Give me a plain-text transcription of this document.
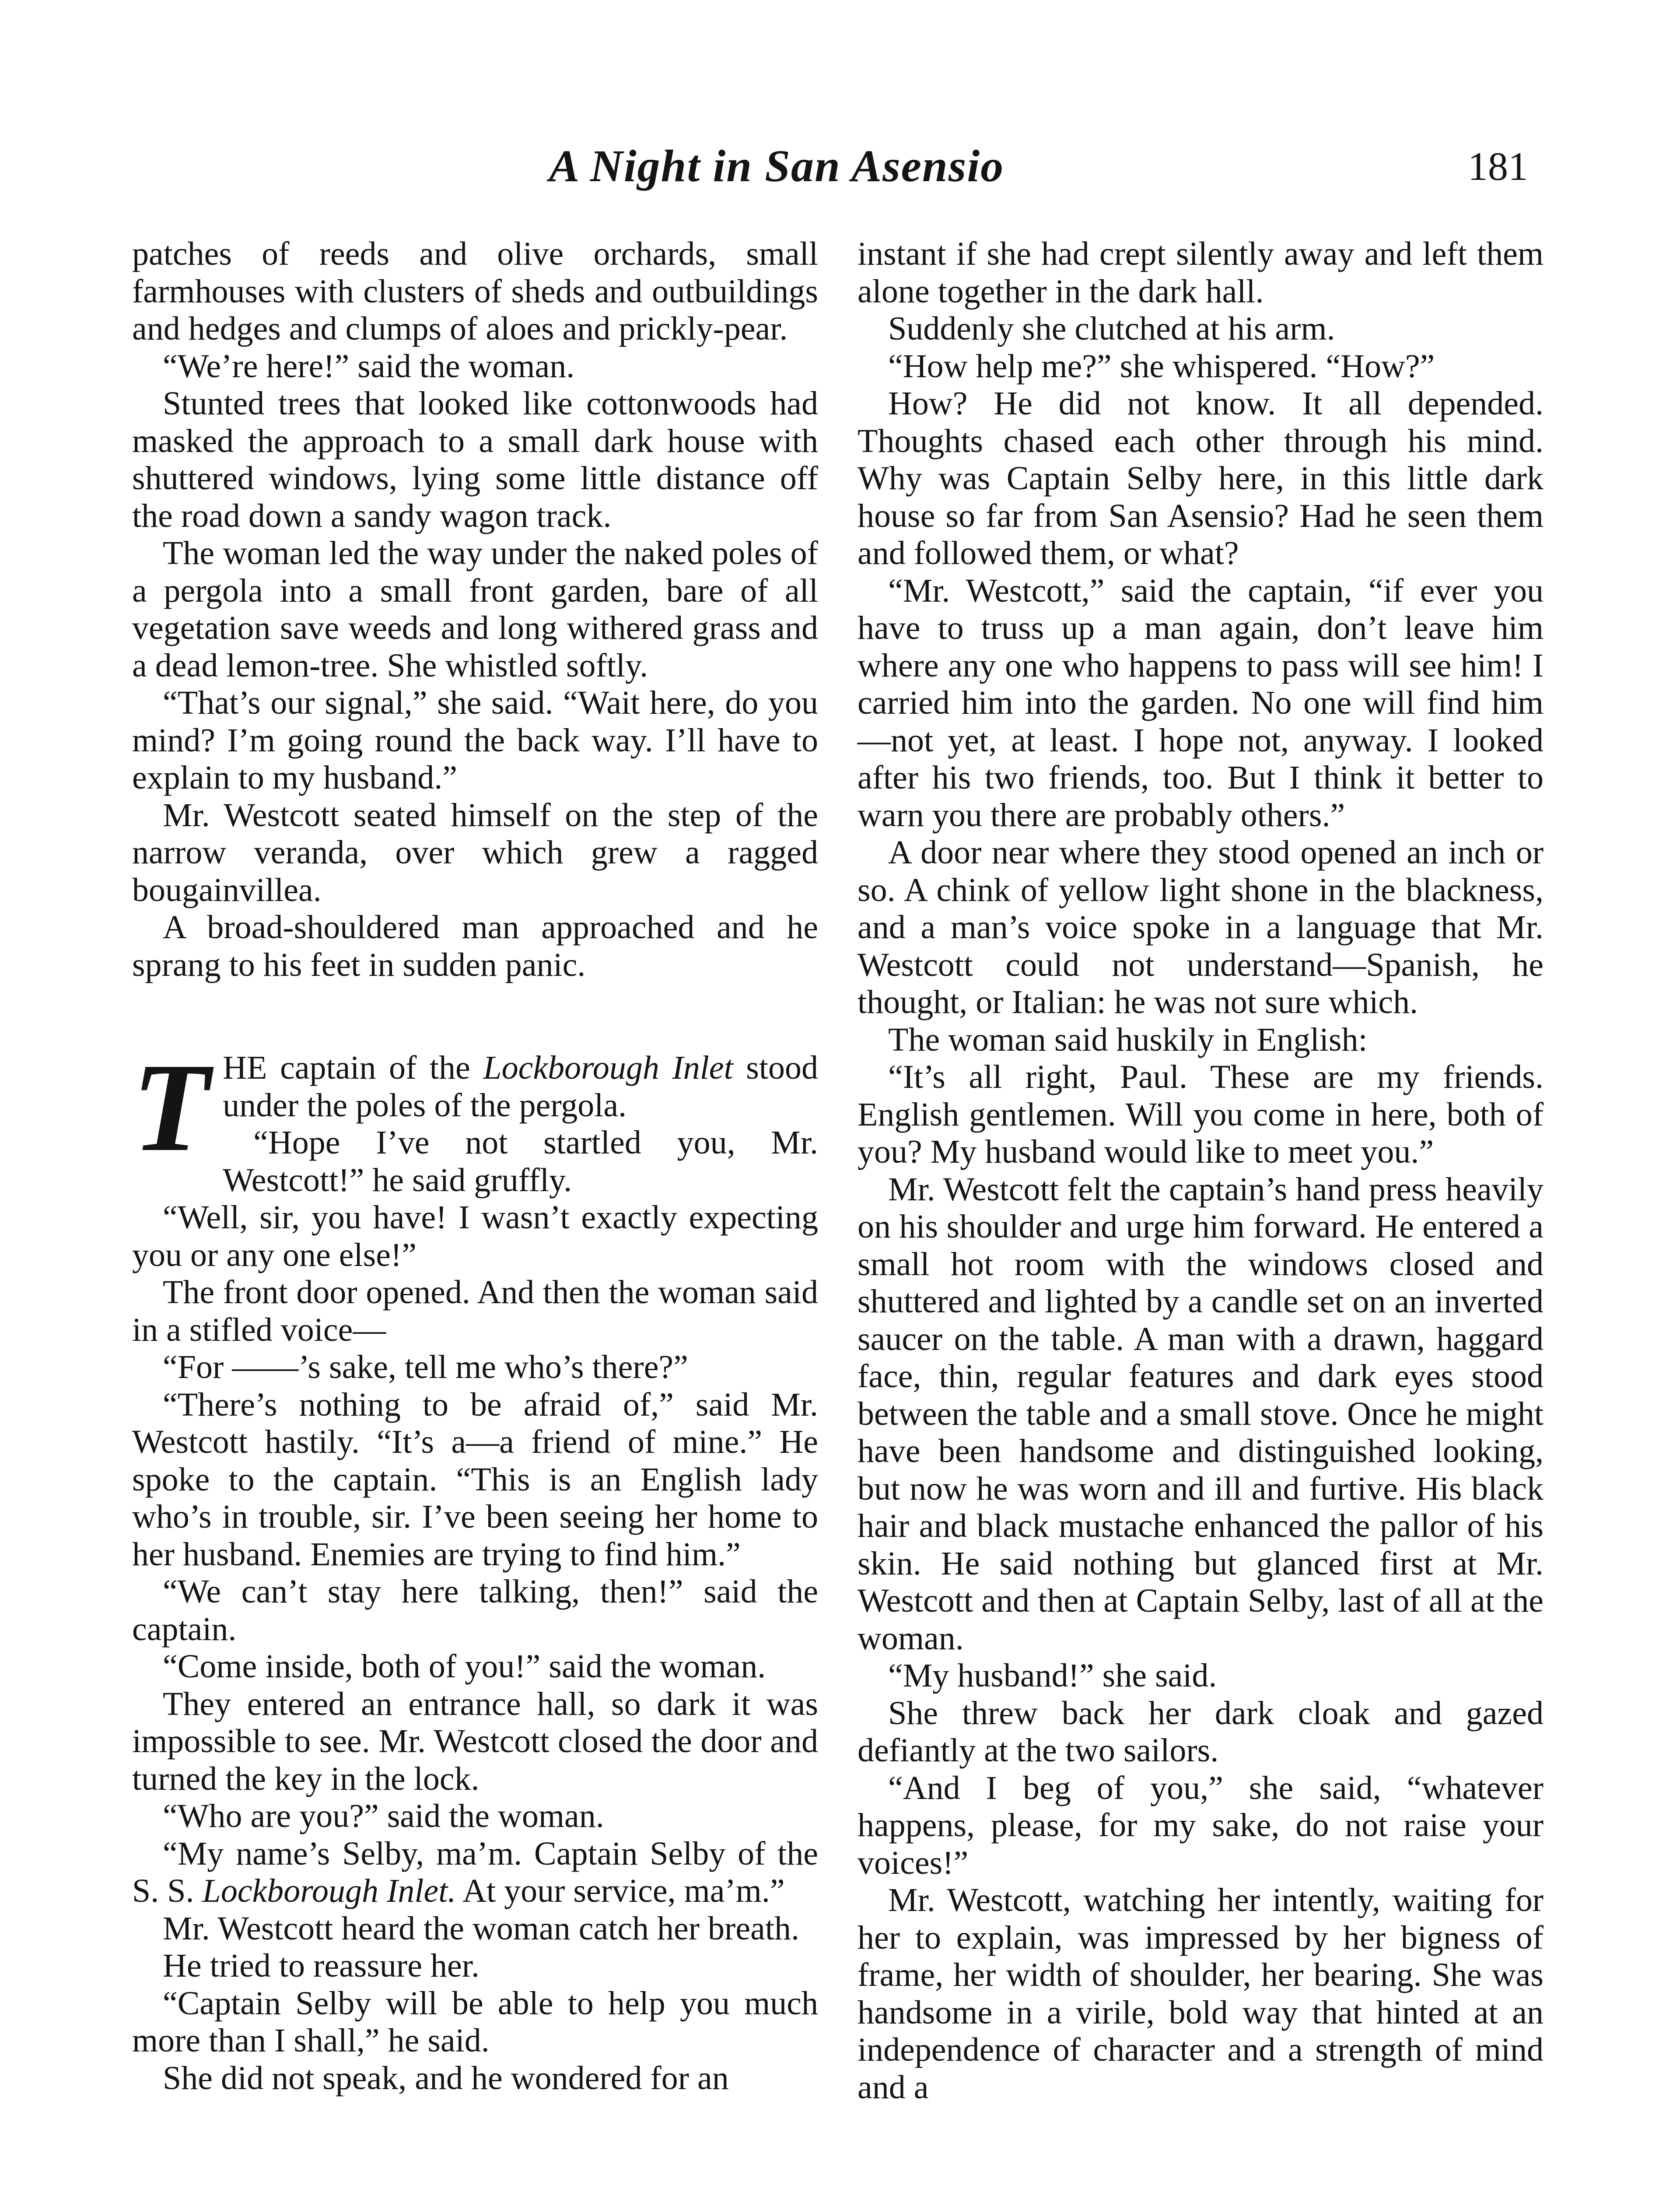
A Night in San Asensio	181

patches of reeds and olive orchards, small farmhouses with clusters of sheds and outbuildings and hedges and clumps of aloes and prickly-pear.

“We’re here!” said the woman.

Stunted trees that looked like cottonwoods had masked the approach to a small dark house with shuttered windows, lying some little distance off the road down a sandy wagon track.

The woman led the way under the naked poles of a pergola into a small front garden, bare of all vegetation save weeds and long withered grass and a dead lemon-tree. She whistled softly.

“That’s our signal,” she said. “Wait here, do you mind? I’m going round the back way. I’ll have to explain to my husband.”

Mr. Westcott seated himself on the step of the narrow veranda, over which grew a ragged bougainvillea.

A broad-shouldered man approached and he sprang to his feet in sudden panic.

THE captain of the Lockborough Inlet stood under the poles of the pergola.

“Hope I’ve not startled you, Mr. Westcott!” he said gruffly.

“Well, sir, you have! I wasn’t exactly expecting you or any one else!”

The front door opened. And then the woman said in a stifled voice—

“For ——’s sake, tell me who’s there?”

“There’s nothing to be afraid of,” said Mr. Westcott hastily. “It’s a—a friend of mine.” He spoke to the captain. “This is an English lady who’s in trouble, sir. I’ve been seeing her home to her husband. Enemies are trying to find him.”

“We can’t stay here talking, then!” said the captain.

“Come inside, both of you!” said the woman.

They entered an entrance hall, so dark it was impossible to see. Mr. Westcott closed the door and turned the key in the lock.

“Who are you?” said the woman.

“My name’s Selby, ma’m. Captain Selby of the S. S. Lockborough Inlet. At your service, ma’m.”

Mr. Westcott heard the woman catch her breath.

He tried to reassure her.

“Captain Selby will be able to help you much more than I shall,” he said.

She did not speak, and he wondered for an

instant if she had crept silently away and left them alone together in the dark hall.

Suddenly she clutched at his arm.

“How help me?” she whispered. “How?”

How? He did not know. It all depended. Thoughts chased each other through his mind. Why was Captain Selby here, in this little dark house so far from San Asensio? Had he seen them and followed them, or what?

“Mr. Westcott,” said the captain, “if ever you have to truss up a man again, don’t leave him where any one who happens to pass will see him! I carried him into the garden. No one will find him—not yet, at least. I hope not, anyway. I looked after his two friends, too. But I think it better to warn you there are probably others.”

A door near where they stood opened an inch or so. A chink of yellow light shone in the blackness, and a man’s voice spoke in a language that Mr. Westcott could not understand—Spanish, he thought, or Italian: he was not sure which.

The woman said huskily in English:

“It’s all right, Paul. These are my friends. English gentlemen. Will you come in here, both of you? My husband would like to meet you.”

Mr. Westcott felt the captain’s hand press heavily on his shoulder and urge him forward. He entered a small hot room with the windows closed and shuttered and lighted by a candle set on an inverted saucer on the table. A man with a drawn, haggard face, thin, regular features and dark eyes stood between the table and a small stove. Once he might have been handsome and distinguished looking, but now he was worn and ill and furtive. His black hair and black mustache enhanced the pallor of his skin. He said nothing but glanced first at Mr. Westcott and then at Captain Selby, last of all at the woman.

“My husband!” she said.

She threw back her dark cloak and gazed defiantly at the two sailors.

“And I beg of you,” she said, “whatever happens, please, for my sake, do not raise your voices!”

Mr. Westcott, watching her intently, waiting for her to explain, was impressed by her bigness of frame, her width of shoulder, her bearing. She was handsome in a virile, bold way that hinted at an independence of character and a strength of mind and a
